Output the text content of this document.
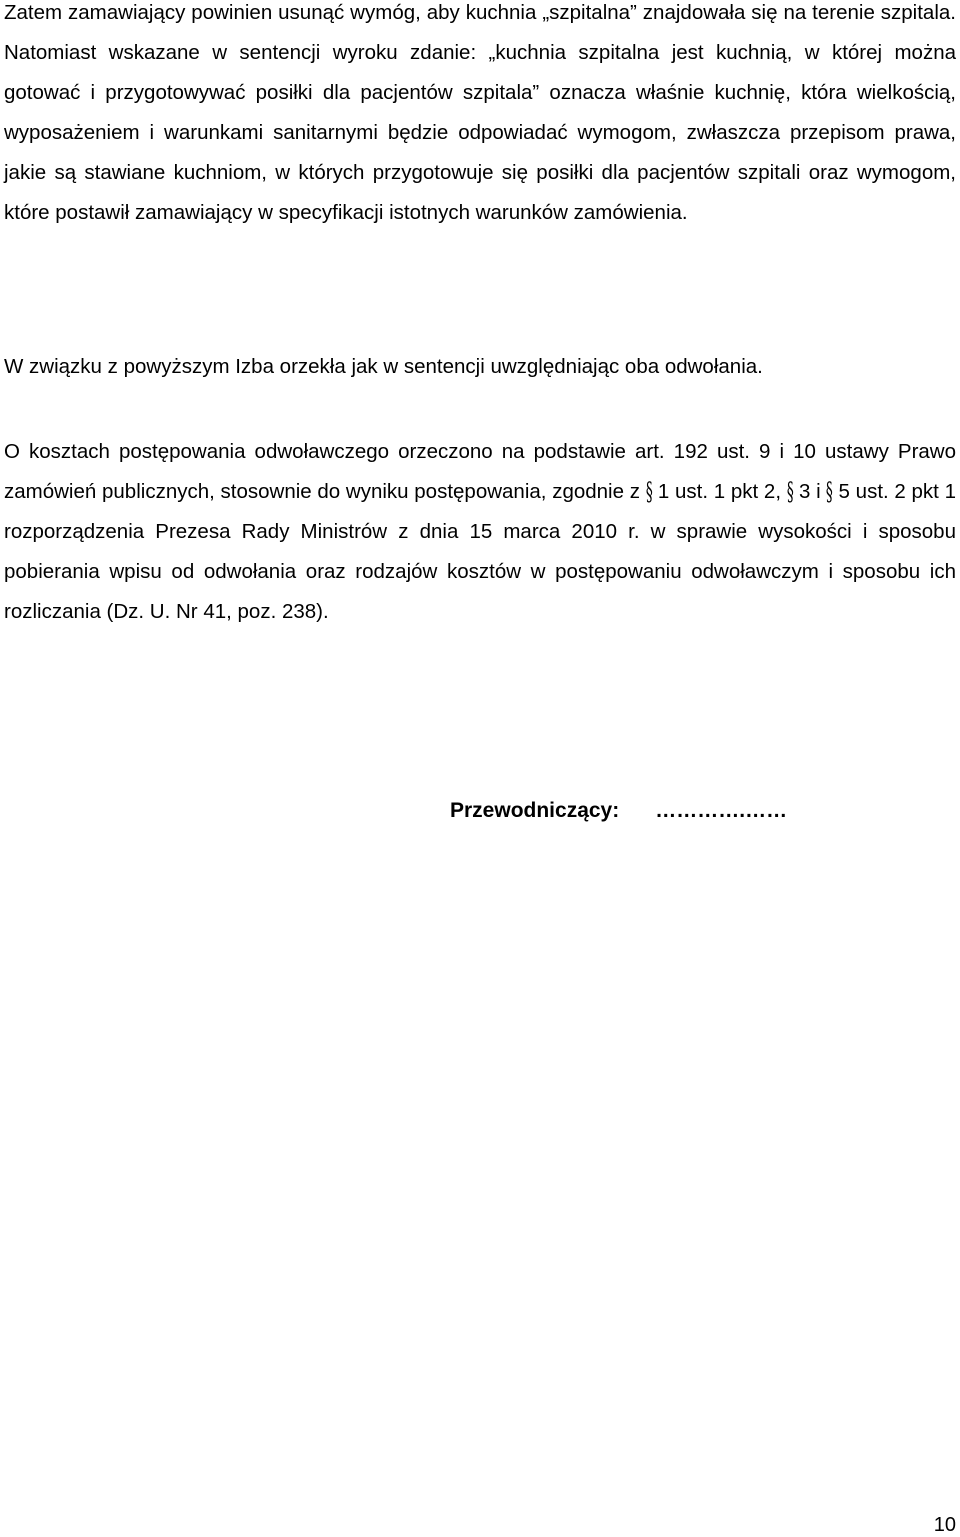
Zatem zamawiający powinien usunąć wymóg, aby kuchnia „szpitalna” znajdowała się na terenie szpitala. Natomiast wskazane w sentencji wyroku zdanie: „kuchnia szpitalna jest kuchnią, w której można gotować i przygotowywać posiłki dla pacjentów szpitala” oznacza właśnie kuchnię, która wielkością, wyposażeniem i warunkami sanitarnymi będzie odpowiadać wymogom, zwłaszcza przepisom prawa, jakie są stawiane kuchniom, w których przygotowuje się posiłki dla pacjentów szpitali oraz wymogom, które postawił zamawiający w specyfikacji istotnych warunków zamówienia.

W związku z powyższym Izba orzekła jak w sentencji uwzględniając oba odwołania.

O kosztach postępowania odwoławczego orzeczono na podstawie art. 192 ust. 9 i 10 ustawy Prawo zamówień publicznych, stosownie do wyniku postępowania, zgodnie z § 1 ust. 1 pkt 2, § 3 i § 5 ust. 2 pkt 1 rozporządzenia Prezesa Rady Ministrów z dnia 15 marca 2010 r. w sprawie wysokości i sposobu pobierania wpisu od odwołania oraz rodzajów kosztów w postępowaniu odwoławczym i sposobu ich rozliczania (Dz. U. Nr 41, poz. 238).

Przewodniczący: ………….……
10
